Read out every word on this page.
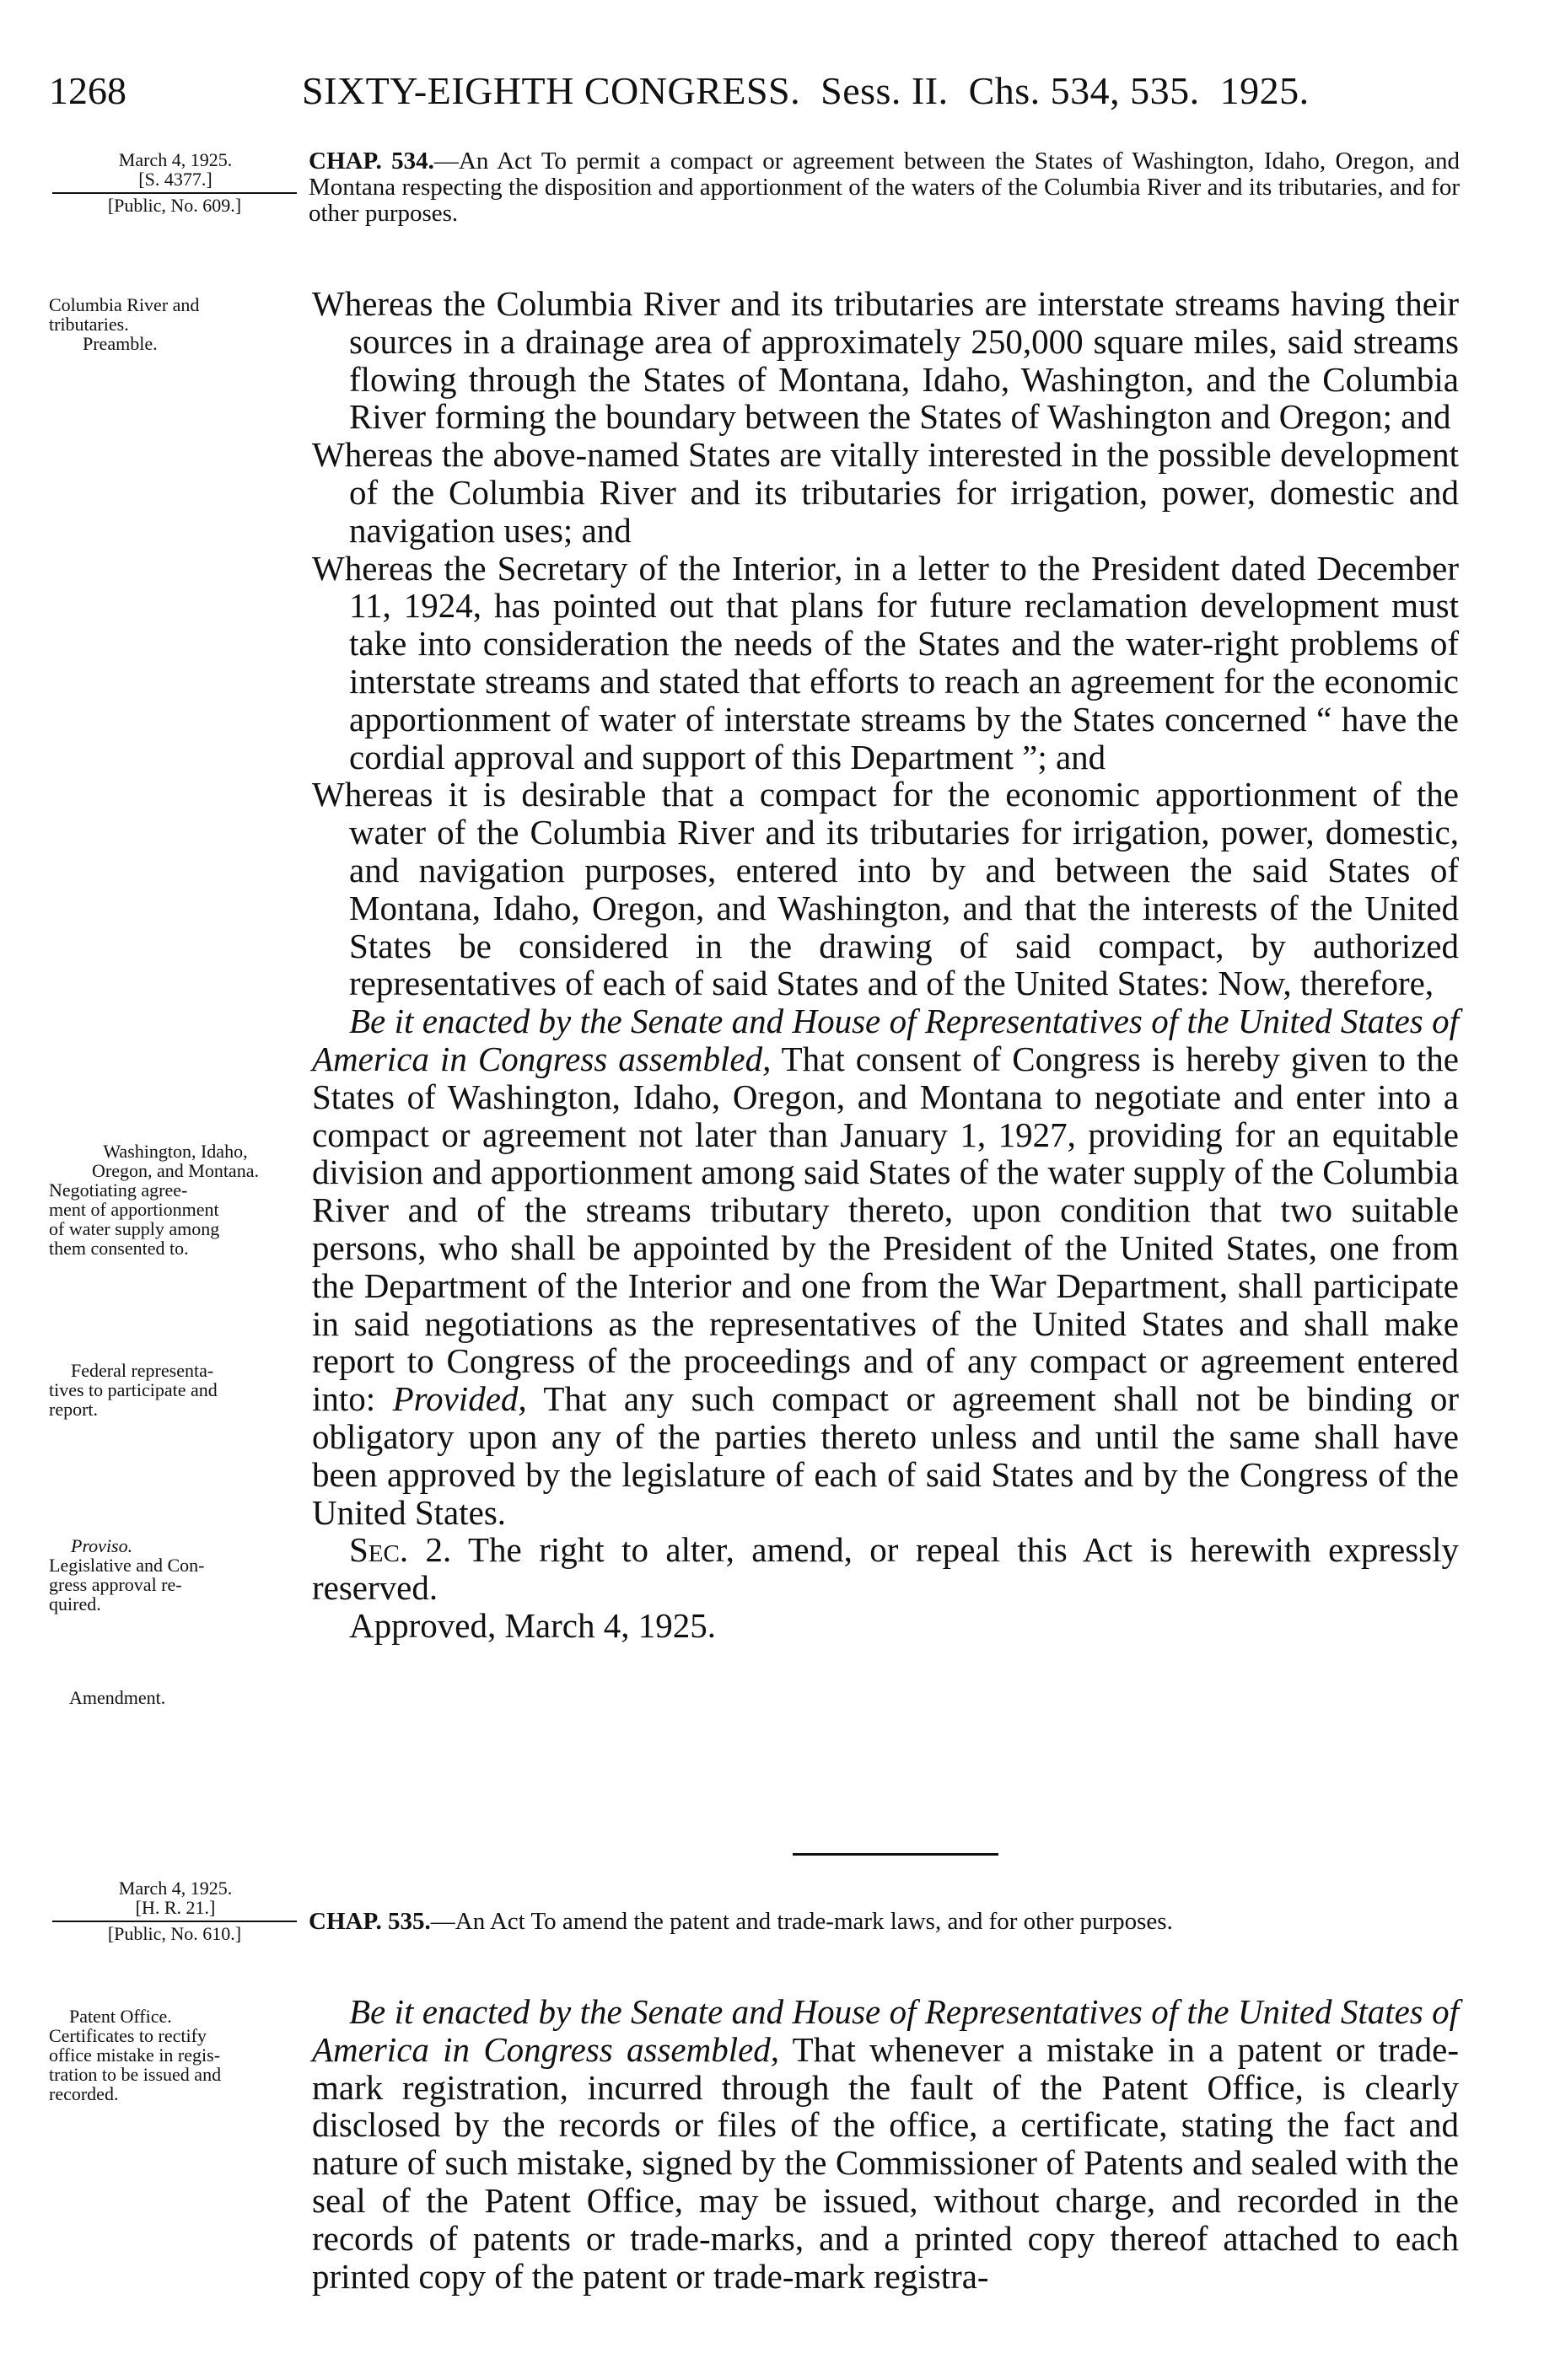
1268	SIXTY-EIGHTH CONGRESS. Sess. II. Chs. 534, 535. 1925.
March 4, 1925.
[S. 4377.]
[Public, No. 609.]
Columbia River and
tributaries.
Preamble.
Washington, Idaho,
Oregon, and Montana.
Negotiating agree-
ment of apportionment
of water supply among
them consented to.
Federal representa-
tives to participate and
report.
Proviso.
Legislative and Con-
gress approval re-
quired.
Amendment.
CHAP. 534.—An Act To permit a compact or agreement between the States of Washington, Idaho, Oregon, and Montana respecting the disposition and apportionment of the waters of the Columbia River and its tributaries, and for other purposes.

Whereas the Columbia River and its tributaries are interstate streams having their sources in a drainage area of approximately 250,000 square miles, said streams flowing through the States of Montana, Idaho, Washington, and the Columbia River forming the boundary between the States of Washington and Oregon; and

Whereas the above-named States are vitally interested in the possible development of the Columbia River and its tributaries for irrigation, power, domestic and navigation uses; and

Whereas the Secretary of the Interior, in a letter to the President dated December 11, 1924, has pointed out that plans for future reclamation development must take into consideration the needs of the States and the water-right problems of interstate streams and stated that efforts to reach an agreement for the economic apportionment of water of interstate streams by the States concerned “ have the cordial approval and support of this Department ”; and

Whereas it is desirable that a compact for the economic apportionment of the water of the Columbia River and its tributaries for irrigation, power, domestic, and navigation purposes, entered into by and between the said States of Montana, Idaho, Oregon, and Washington, and that the interests of the United States be considered in the drawing of said compact, by authorized representatives of each of said States and of the United States: Now, therefore,

Be it enacted by the Senate and House of Representatives of the United States of America in Congress assembled, That consent of Congress is hereby given to the States of Washington, Idaho, Oregon, and Montana to negotiate and enter into a compact or agreement not later than January 1, 1927, providing for an equitable division and apportionment among said States of the water supply of the Columbia River and of the streams tributary thereto, upon condition that two suitable persons, who shall be appointed by the President of the United States, one from the Department of the Interior and one from the War Department, shall participate in said negotiations as the representatives of the United States and shall make report to Congress of the proceedings and of any compact or agreement entered into: Provided, That any such compact or agreement shall not be binding or obligatory upon any of the parties thereto unless and until the same shall have been approved by the legislature of each of said States and by the Congress of the United States.

Sec. 2. The right to alter, amend, or repeal this Act is herewith expressly reserved.

Approved, March 4, 1925.

March 4, 1925.
[H. R. 21.]
[Public, No. 610.]
Patent Office.
Certificates to rectify
office mistake in regis-
tration to be issued and
recorded.
CHAP. 535.—An Act To amend the patent and trade-mark laws, and for other purposes.

Be it enacted by the Senate and House of Representatives of the United States of America in Congress assembled, That whenever a mistake in a patent or trade-mark registration, incurred through the fault of the Patent Office, is clearly disclosed by the records or files of the office, a certificate, stating the fact and nature of such mistake, signed by the Commissioner of Patents and sealed with the seal of the Patent Office, may be issued, without charge, and recorded in the records of patents or trade-marks, and a printed copy thereof attached to each printed copy of the patent or trade-mark registra-
